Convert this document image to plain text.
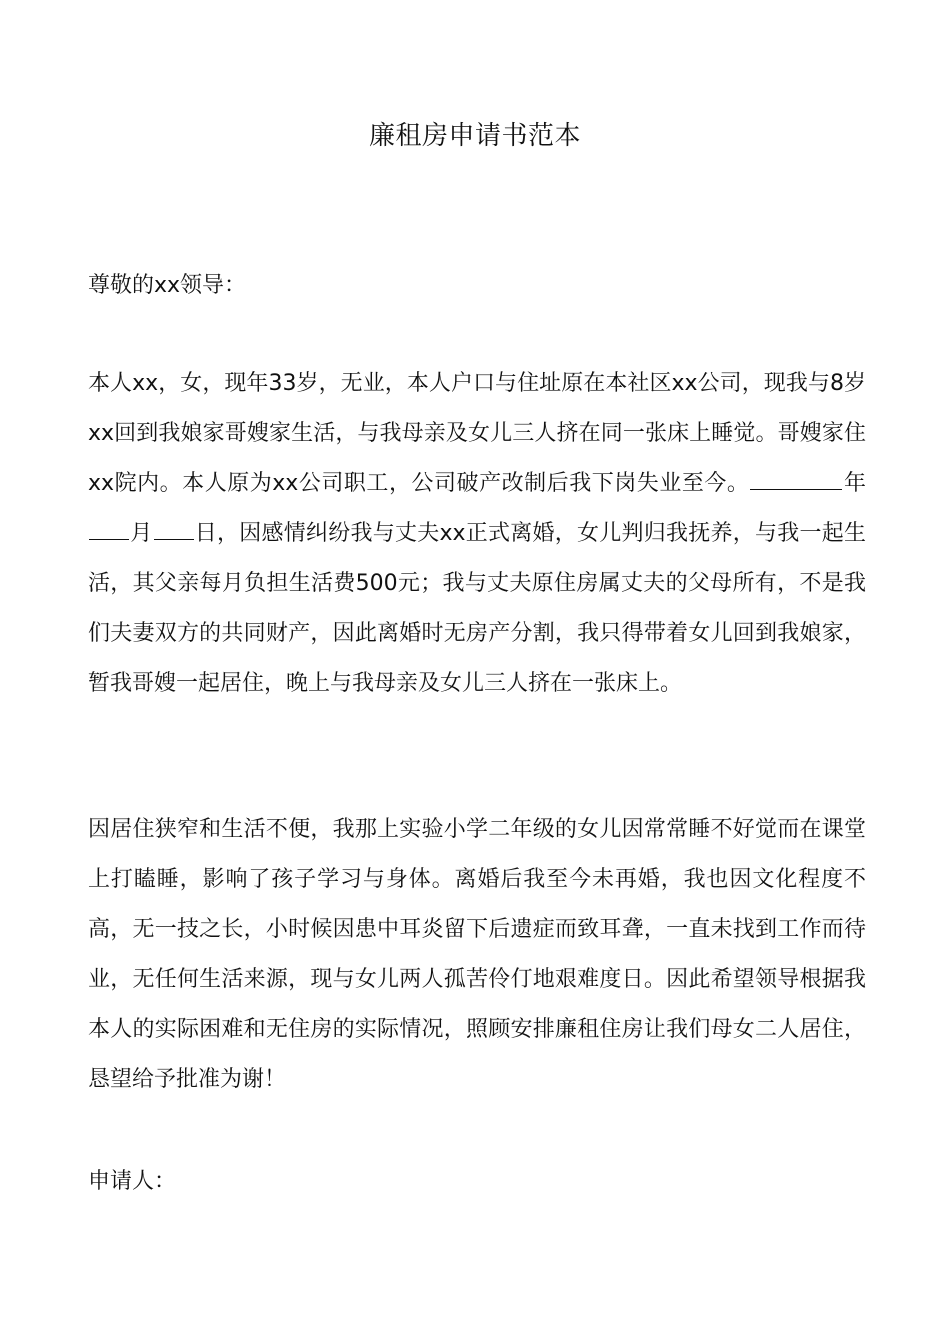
廉租房申请书范本
尊敬的xx领导：
本人xx，女，现年33岁，无业，本人户口与住址原在本社区xx公司，现我与8岁xx回到我娘家哥嫂家生活，与我母亲及女儿三人挤在同一张床上睡觉。哥嫂家住xx院内。本人原为xx公司职工，公司破产改制后我下岗失业至今。	年月 日，因感情纠纷我与丈夫xx正式离婚，女儿判归我抚养，与我一起生活，其父亲每月负担生活费500元；我与丈夫原住房属丈夫的父母所有，不是我们夫妻双方的共同财产，因此离婚时无房产分割，我只得带着女儿回到我娘家，暂我哥嫂一起居住，晚上与我母亲及女儿三人挤在一张床上。
因居住狭窄和生活不便，我那上实验小学二年级的女儿因常常睡不好觉而在课堂上打瞌睡，影响了孩子学习与身体。离婚后我至今未再婚，我也因文化程度不高，无一技之长，小时候因患中耳炎留下后遗症而致耳聋，一直未找到工作而待业，无任何生活来源，现与女儿两人孤苦伶仃地艰难度日。因此希望领导根据我本人的实际困难和无住房的实际情况，照顾安排廉租住房让我们母女二人居住，恳望给予批准为谢！
申请人：
